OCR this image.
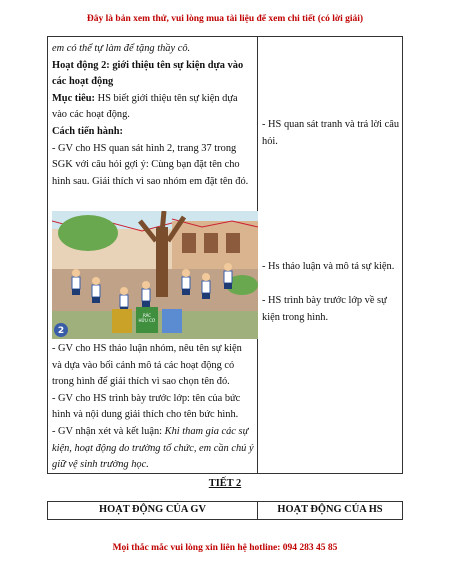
Đây là bản xem thử, vui lòng mua tài liệu để xem chi tiết (có lời giải)

em có thể tự làm để tặng thầy cô.

Hoạt động 2: giới thiệu tên sự kiện dựa vào các hoạt động

Mục tiêu: HS biết giới thiệu tên sự kiện dựa vào các hoạt động.

Cách tiến hành:

- GV cho HS quan sát hình 2, trang 37 trong SGK với câu hỏi gợi ý: Cùng bạn đặt tên cho hình sau. Giải thích vì sao nhóm em đặt tên đó.

RÁC
HỮU CƠ
2

- GV cho HS thảo luận nhóm, nêu tên sự kiện và dựa vào bối cảnh mô tả các hoạt động có trong hình để giải thích vì sao chọn tên đó.

- GV cho HS trình bày trước lớp: tên của bức hình và nội dung giải thích cho tên bức hình.

- GV nhận xét và kết luận: Khi tham gia các sự kiện, hoạt động do trường tổ chức, em cần chú ý giữ vệ sinh trường học.

- HS quan sát tranh và trả lời câu hỏi.

- Hs thảo luận và mô tả sự kiện.

- HS trình bày trước lớp về sự kiện trong hình.

TIẾT 2
HOẠT ĐỘNG CỦA GV	HOẠT ĐỘNG CỦA HS
Mọi thắc mắc vui lòng xin liên hệ hotline: 094 283 45 85
